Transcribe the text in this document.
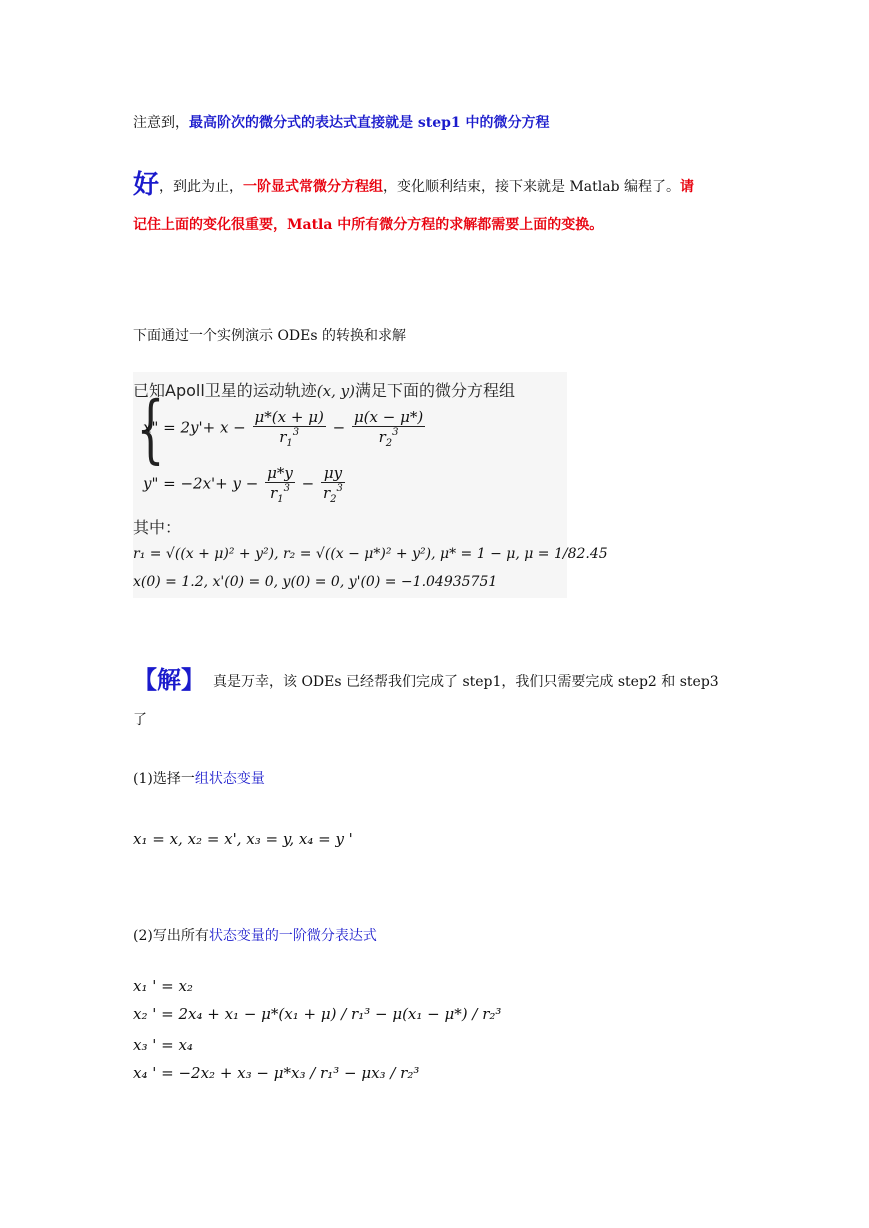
注意到，最高阶次的微分式的表达式直接就是 step1 中的微分方程
好，到此为止，一阶显式常微分方程组，变化顺利结束，接下来就是 Matlab 编程了。请
记住上面的变化很重要，Matla 中所有微分方程的求解都需要上面的变换。
下面通过一个实例演示 ODEs 的转换和求解
已知Apoll卫星的运动轨迹(x, y)满足下面的微分方程组
{
x" = $2y'+ x - \frac{\mu*(x + \mu)}{r_1^3} - \frac{\mu(x - \mu*)}{r_2^3}$
y" = $-2x'+ y - \frac{\mu*y}{r_1^3} - \frac{\mu y}{r_2^3}$
其中：
r₁ = √((x + μ)² + y²), r₂ = √((x − μ*)² + y²), μ* = 1 − μ, μ = 1/82.45
x(0) = 1.2, x'(0) = 0, y(0) = 0, y'(0) = −1.04935751
【解】 真是万幸，该 ODEs 已经帮我们完成了 step1，我们只需要完成 step2 和 step3
了
(1)选择一组状态变量
x₁ = x, x₂ = x', x₃ = y, x₄ = y '
(2)写出所有状态变量的一阶微分表达式
x₁ ' = x₂
x₂ ' = 2x₄ + x₁ − μ*(x₁ + μ) / r₁³ − μ(x₁ − μ*) / r₂³
x₃ ' = x₄
x₄ ' = −2x₂ + x₃ − μ*x₃ / r₁³ − μx₃ / r₂³
